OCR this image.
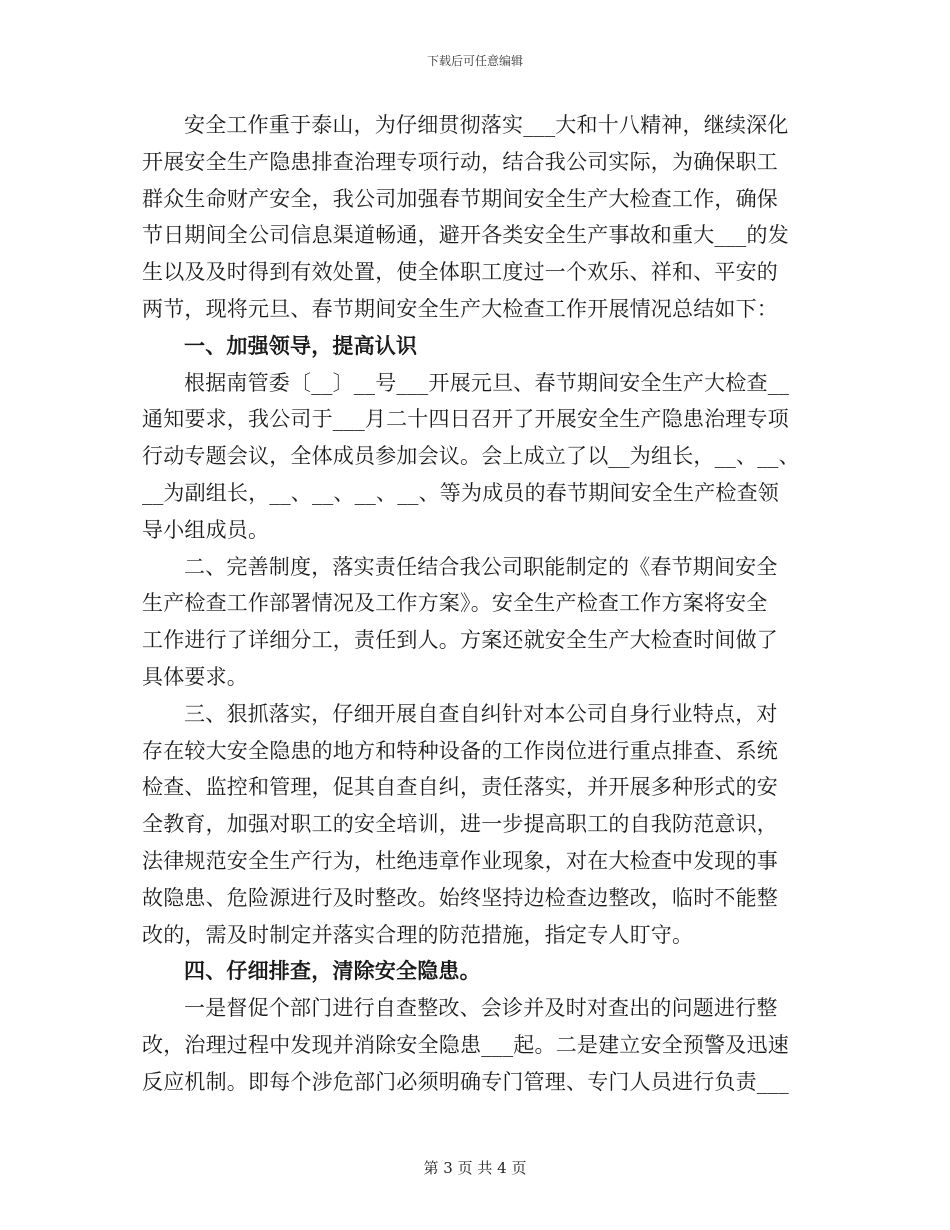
下载后可任意编辑

安全工作重于泰山，为仔细贯彻落实___大和十八精神，继续深化
开展安全生产隐患排查治理专项行动，结合我公司实际，为确保职工
群众生命财产安全，我公司加强春节期间安全生产大检查工作，确保
节日期间全公司信息渠道畅通，避开各类安全生产事故和重大___的发
生以及及时得到有效处置，使全体职工度过一个欢乐、祥和、平安的
两节，现将元旦、春节期间安全生产大检查工作开展情况总结如下：

一、加强领导，提高认识

根据南管委〔__〕__号___开展元旦、春节期间安全生产大检查__
通知要求，我公司于___月二十四日召开了开展安全生产隐患治理专项
行动专题会议，全体成员参加会议。会上成立了以__为组长，__、__、
__为副组长，__、__、__、__、等为成员的春节期间安全生产检查领
导小组成员。

二、完善制度，落实责任结合我公司职能制定的《春节期间安全
生产检查工作部署情况及工作方案》。安全生产检查工作方案将安全
工作进行了详细分工，责任到人。方案还就安全生产大检查时间做了
具体要求。

三、狠抓落实，仔细开展自查自纠针对本公司自身行业特点，对
存在较大安全隐患的地方和特种设备的工作岗位进行重点排查、系统
检查、监控和管理，促其自查自纠，责任落实，并开展多种形式的安
全教育，加强对职工的安全培训，进一步提高职工的自我防范意识，
法律规范安全生产行为，杜绝违章作业现象，对在大检查中发现的事
故隐患、危险源进行及时整改。始终坚持边检查边整改，临时不能整
改的，需及时制定并落实合理的防范措施，指定专人盯守。

四、仔细排查，清除安全隐患。

一是督促个部门进行自查整改、会诊并及时对查出的问题进行整
改，治理过程中发现并消除安全隐患___起。二是建立安全预警及迅速
反应机制。即每个涉危部门必须明确专门管理、专门人员进行负责___

第 3 页 共 4 页
